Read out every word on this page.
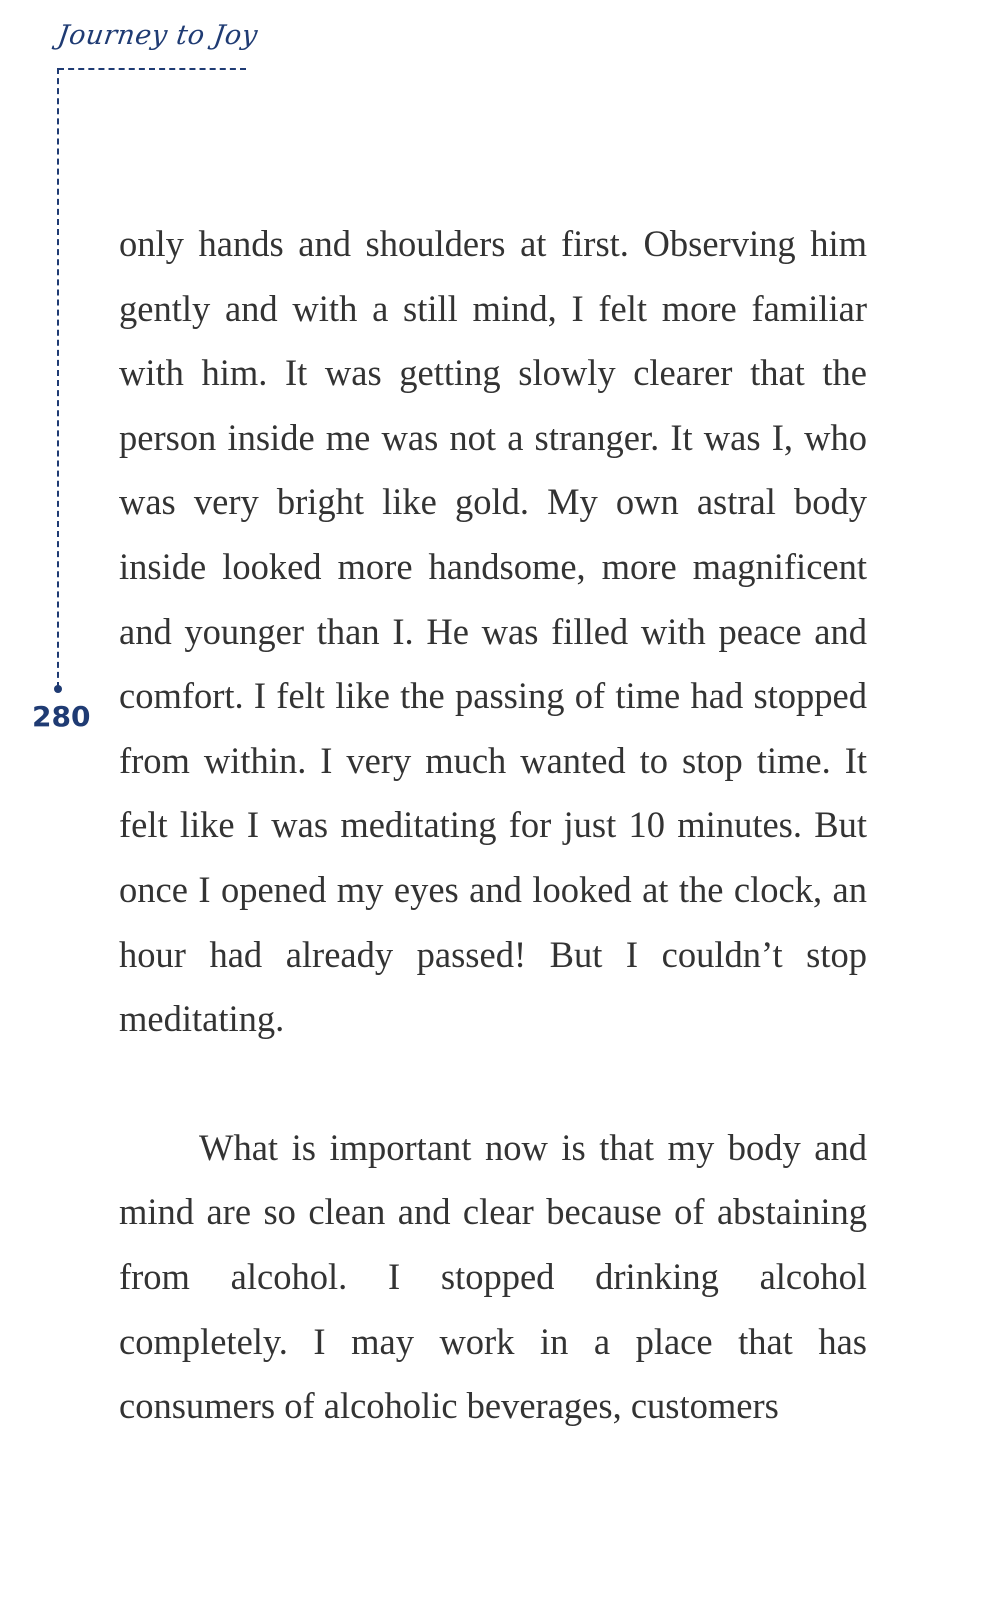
Journey to Joy
280

only hands and shoulders at first. Observing him gently and with a still mind, I felt more familiar with him. It was getting slowly clearer that the person inside me was not a stranger. It was I, who was very bright like gold. My own astral body inside looked more handsome, more magnificent and younger than I. He was filled with peace and comfort. I felt like the passing of time had stopped from within. I very much wanted to stop time. It felt like I was meditating for just 10 minutes. But once I opened my eyes and looked at the clock, an hour had already passed! But I couldn’t stop meditating.

What is important now is that my body and mind are so clean and clear because of abstaining from alcohol. I stopped drinking alcohol completely. I may work in a place that has consumers of alcoholic beverages, customers
